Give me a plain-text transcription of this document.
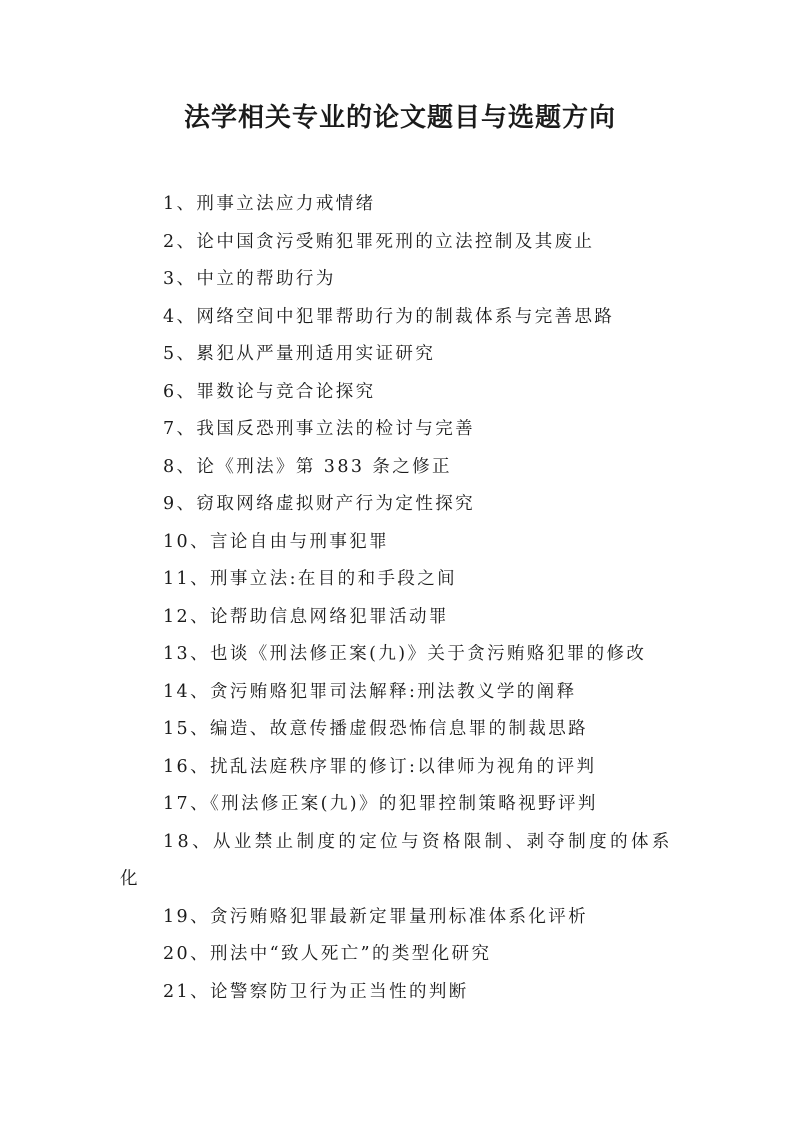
法学相关专业的论文题目与选题方向
1、刑事立法应力戒情绪
2、论中国贪污受贿犯罪死刑的立法控制及其废止
3、中立的帮助行为
4、网络空间中犯罪帮助行为的制裁体系与完善思路
5、累犯从严量刑适用实证研究
6、罪数论与竞合论探究
7、我国反恐刑事立法的检讨与完善
8、论《刑法》第 383 条之修正
9、窃取网络虚拟财产行为定性探究
10、言论自由与刑事犯罪
11、刑事立法:在目的和手段之间
12、论帮助信息网络犯罪活动罪
13、也谈《刑法修正案(九)》关于贪污贿赂犯罪的修改
14、贪污贿赂犯罪司法解释:刑法教义学的阐释
15、编造、故意传播虚假恐怖信息罪的制裁思路
16、扰乱法庭秩序罪的修订:以律师为视角的评判
17、《刑法修正案(九)》的犯罪控制策略视野评判
18、从业禁止制度的定位与资格限制、剥夺制度的体系化
19、贪污贿赂犯罪最新定罪量刑标准体系化评析
20、刑法中“致人死亡”的类型化研究
21、论警察防卫行为正当性的判断
